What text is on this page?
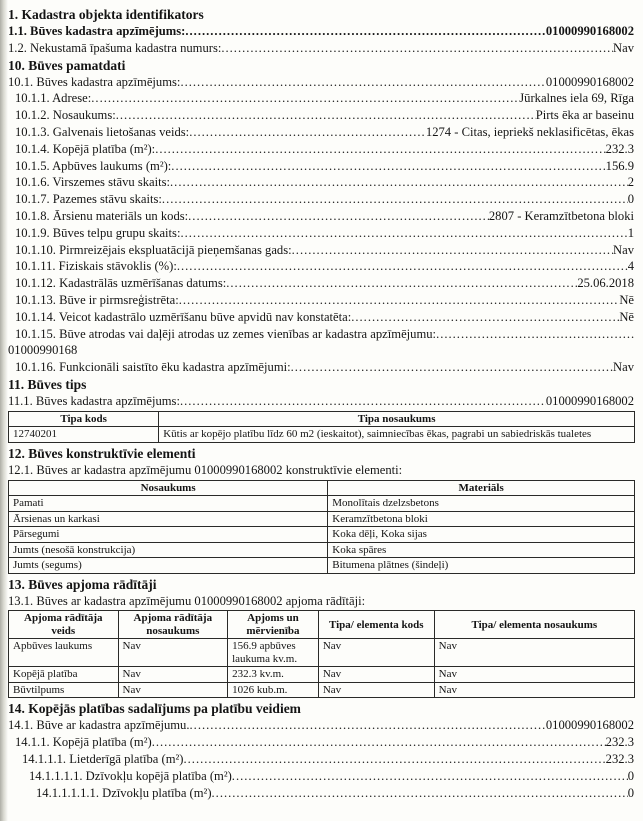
1. Kadastra objekta identifikators
1.1. Būves kadastra apzīmējums: .....	01000990168002
1.2. Nekustamā īpašuma kadastra numurs: .....	Nav
10. Būves pamatdati
10.1. Būves kadastra apzīmējums: .....	01000990168002
10.1.1. Adrese: .....	Jūrkalnes iela 69, Rīga
10.1.2. Nosaukums: .....	Pirts ēka ar baseinu
10.1.3. Galvenais lietošanas veids: .....	1274 - Citas, iepriekš neklasificētas, ēkas
10.1.4. Kopējā platība (m²): .....	232.3
10.1.5. Apbūves laukums (m²): .....	156.9
10.1.6. Virszemes stāvu skaits: .....	2
10.1.7. Pazemes stāvu skaits: .....	0
10.1.8. Ārsienu materiāls un kods: .....	2807 - Keramzītbetona bloki
10.1.9. Būves telpu grupu skaits: .....	1
10.1.10. Pirmreizējais ekspluatācijā pieņemšanas gads: .....	Nav
10.1.11. Fiziskais stāvoklis (%): .....	4
10.1.12. Kadastrālās uzmērīšanas datums: .....	25.06.2018
10.1.13. Būve ir pirmsreģistrēta: .....	Nē
10.1.14. Veicot kadastrālo uzmērīšanu būve apvidū nav konstatēta: .....	Nē
10.1.15. Būve atrodas vai daļēji atrodas uz zemes vienības ar kadastra apzīmējumu:
.....
01000990168
10.1.16. Funkcionāli saistīto ēku kadastra apzīmējumi: .....	Nav
11. Būves tips
11.1. Būves kadastra apzīmējums: .....	01000990168002
Tipa kods	Tipa nosaukums
12740201	Kūtis ar kopējo platību līdz 60 m2 (ieskaitot), saimniecības ēkas, pagrabi un sabiedriskās tualetes
12. Būves konstruktīvie elementi
12.1. Būves ar kadastra apzīmējumu 01000990168002 konstruktīvie elementi:
Nosaukums	Materiāls
Pamati	Monolītais dzelzsbetons
Ārsienas un karkasi	Keramzītbetona bloki
Pārsegumi	Koka dēļi, Koka sijas
Jumts (nesošā konstrukcija)	Koka spāres
Jumts (segums)	Bitumena plātnes (šindeļi)
13. Būves apjoma rādītāji
13.1. Būves ar kadastra apzīmējumu 01000990168002 apjoma rādītāji:
Apjoma rādītāja veids	Apjoma rādītāja nosaukums	Apjoms un mērvienība	Tipa/ elementa kods	Tipa/ elementa nosaukums
Apbūves laukums	Nav	156.9 apbūves laukuma kv.m.	Nav	Nav
Kopējā platība	Nav	232.3 kv.m.	Nav	Nav
Būvtilpums	Nav	1026 kub.m.	Nav	Nav
14. Kopējās platības sadalījums pa platību veidiem
14.1. Būve ar kadastra apzīmējumu. .....	01000990168002
14.1.1. Kopējā platība (m²) .....	232.3
14.1.1.1. Lietderīgā platība (m²) .....	232.3
14.1.1.1.1. Dzīvokļu kopējā platība (m²) .....	0
14.1.1.1.1.1. Dzīvokļu platība (m²) .....	0
